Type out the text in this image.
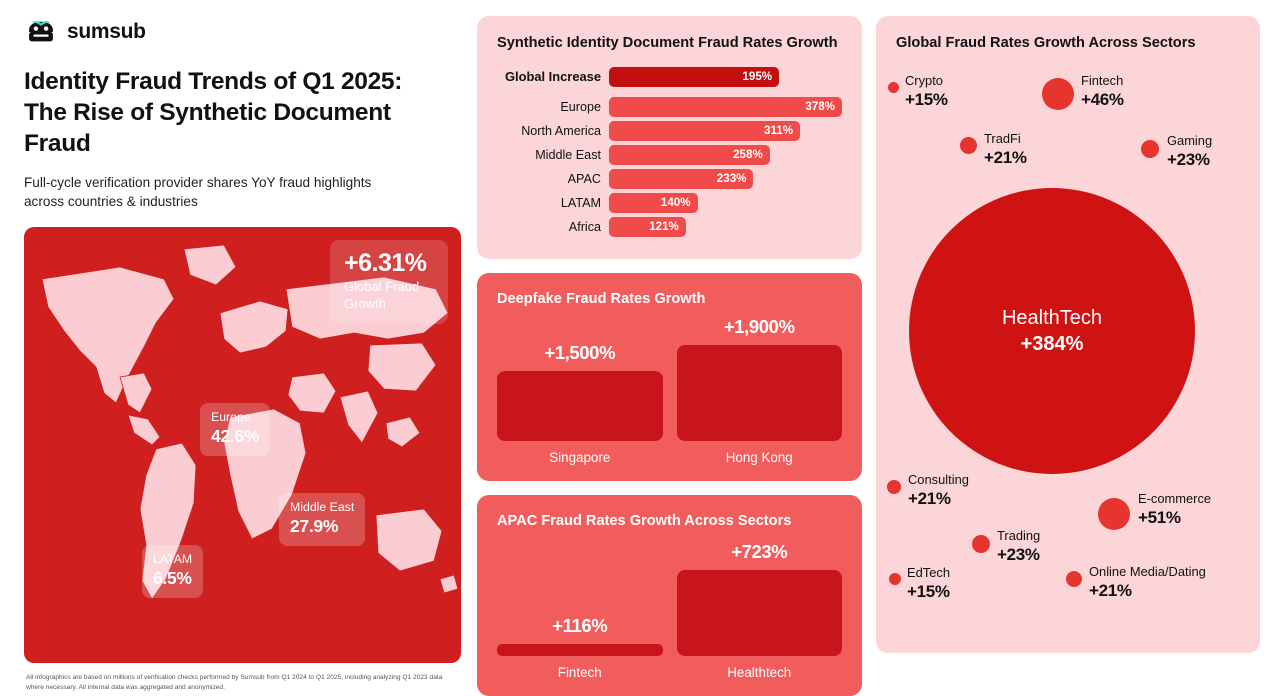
sumsub
Identity Fraud Trends of Q1 2025:
The Rise of Synthetic Document Fraud

Full-cycle verification provider shares YoY fraud highlights
across countries & industries

+6.31%
Global Fraud
Growth
Europe
42.6%
Middle East
27.9%
LATAM
6.5%

All infographics are based on millions of verification checks performed by Sumsub from Q1 2024 to Q1 2025, including analyzing Q1 2023 data where necessary. All internal data was aggregated and anonymized.

Synthetic Identity Document Fraud Rates Growth
Global Increase	195%
Europe	378%
North America	311%
Middle East	258%
APAC	233%
LATAM	140%
Africa	121%
Deepfake Fraud Rates Growth
+1,500%
Singapore
+1,900%
Hong Kong
APAC Fraud Rates Growth Across Sectors
+116%
Fintech
+723%
Healthtech
Global Fraud Rates Growth Across Sectors
HealthTech
+384%
Crypto
+15%
Fintech
+46%
TradFi
+21%
Gaming
+23%
Consulting
+21%	E-commerce
+51%
Trading
+23%
EdTech
+15%
Online Media/Dating
+21%
